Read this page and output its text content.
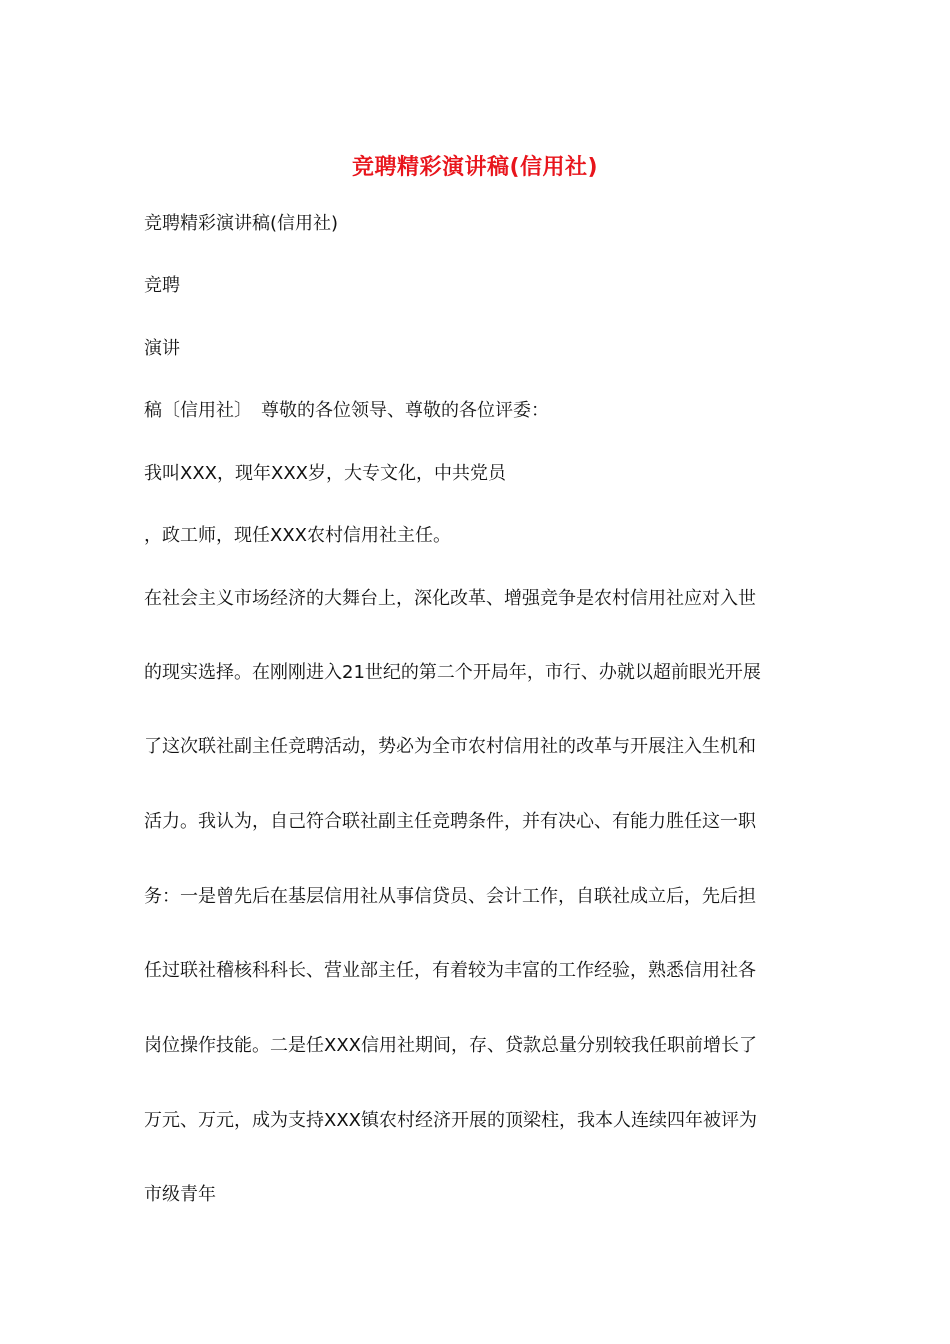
竞聘精彩演讲稿(信用社)
竞聘精彩演讲稿(信用社)
竞聘
演讲
稿〔信用社〕　尊敬的各位领导、尊敬的各位评委：
我叫XXX，现年XXX岁，大专文化，中共党员
，政工师，现任XXX农村信用社主任。
在社会主义市场经济的大舞台上，深化改革、增强竞争是农村信用社应对入世
的现实选择。在刚刚进入21世纪的第二个开局年，市行、办就以超前眼光开展
了这次联社副主任竞聘活动，势必为全市农村信用社的改革与开展注入生机和
活力。我认为，自己符合联社副主任竞聘条件，并有决心、有能力胜任这一职
务：一是曾先后在基层信用社从事信贷员、会计工作，自联社成立后，先后担
任过联社稽核科科长、营业部主任，有着较为丰富的工作经验，熟悉信用社各
岗位操作技能。二是任XXX信用社期间，存、贷款总量分别较我任职前增长了
万元、万元，成为支持XXX镇农村经济开展的顶梁柱，我本人连续四年被评为
市级青年
